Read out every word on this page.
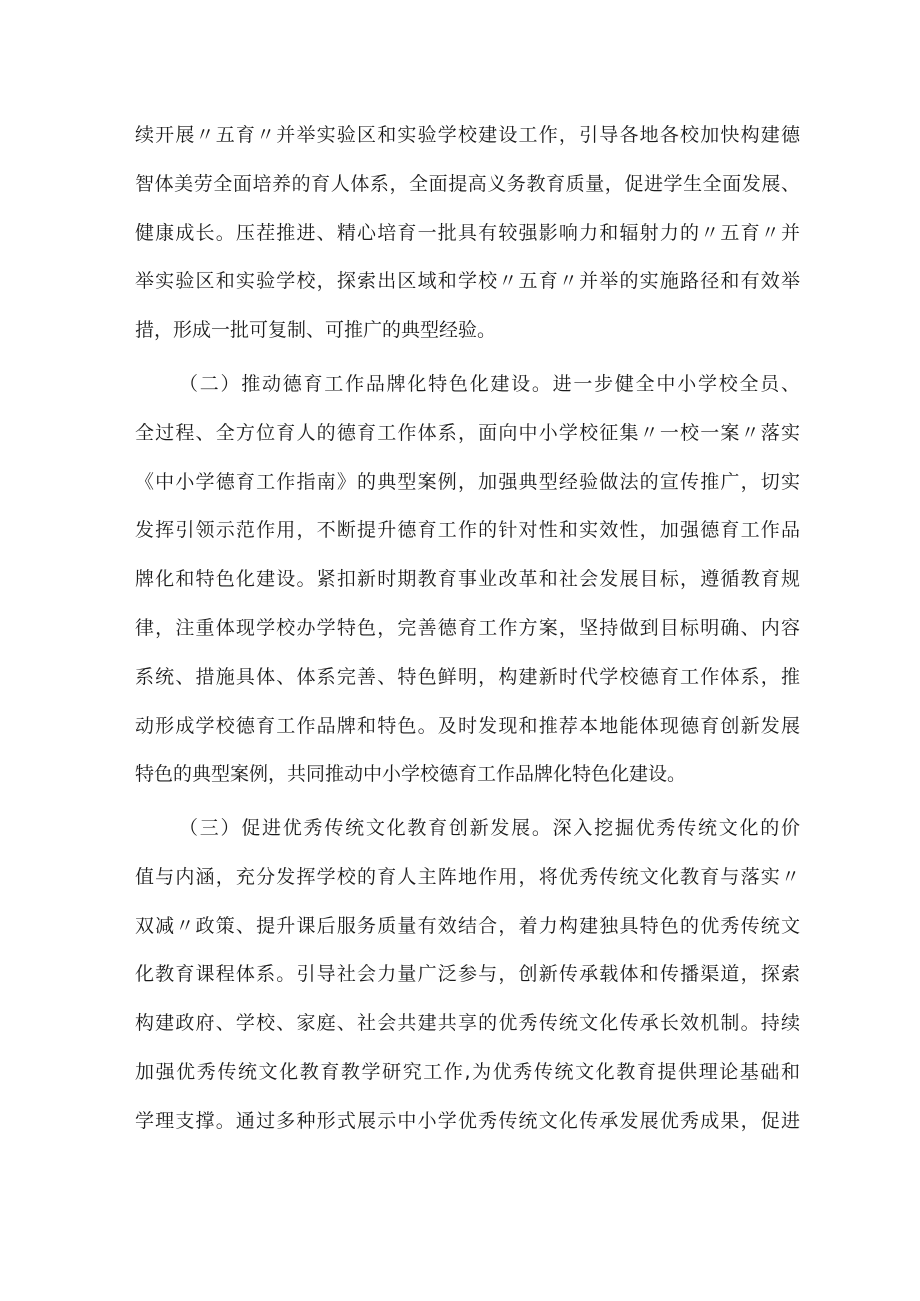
续开展〃五育〃并举实验区和实验学校建设工作，引导各地各校加快构建德
智体美劳全面培养的育人体系，全面提高义务教育质量，促进学生全面发展、
健康成长。压茬推进、精心培育一批具有较强影响力和辐射力的〃五育〃并
举实验区和实验学校，探索出区域和学校〃五育〃并举的实施路径和有效举
措，形成一批可复制、可推广的典型经验。
（二）推动德育工作品牌化特色化建设。进一步健全中小学校全员、
全过程、全方位育人的德育工作体系，面向中小学校征集〃一校一案〃落实
《中小学德育工作指南》的典型案例，加强典型经验做法的宣传推广，切实
发挥引领示范作用，不断提升德育工作的针对性和实效性，加强德育工作品
牌化和特色化建设。紧扣新时期教育事业改革和社会发展目标，遵循教育规
律，注重体现学校办学特色，完善德育工作方案，坚持做到目标明确、内容
系统、措施具体、体系完善、特色鲜明，构建新时代学校德育工作体系，推
动形成学校德育工作品牌和特色。及时发现和推荐本地能体现德育创新发展
特色的典型案例，共同推动中小学校德育工作品牌化特色化建设。
（三）促进优秀传统文化教育创新发展。深入挖掘优秀传统文化的价
值与内涵，充分发挥学校的育人主阵地作用，将优秀传统文化教育与落实〃
双减〃政策、提升课后服务质量有效结合，着力构建独具特色的优秀传统文
化教育课程体系。引导社会力量广泛参与，创新传承载体和传播渠道，探索
构建政府、学校、家庭、社会共建共享的优秀传统文化传承长效机制。持续
加强优秀传统文化教育教学研究工作,为优秀传统文化教育提供理论基础和
学理支撑。通过多种形式展示中小学优秀传统文化传承发展优秀成果，促进
